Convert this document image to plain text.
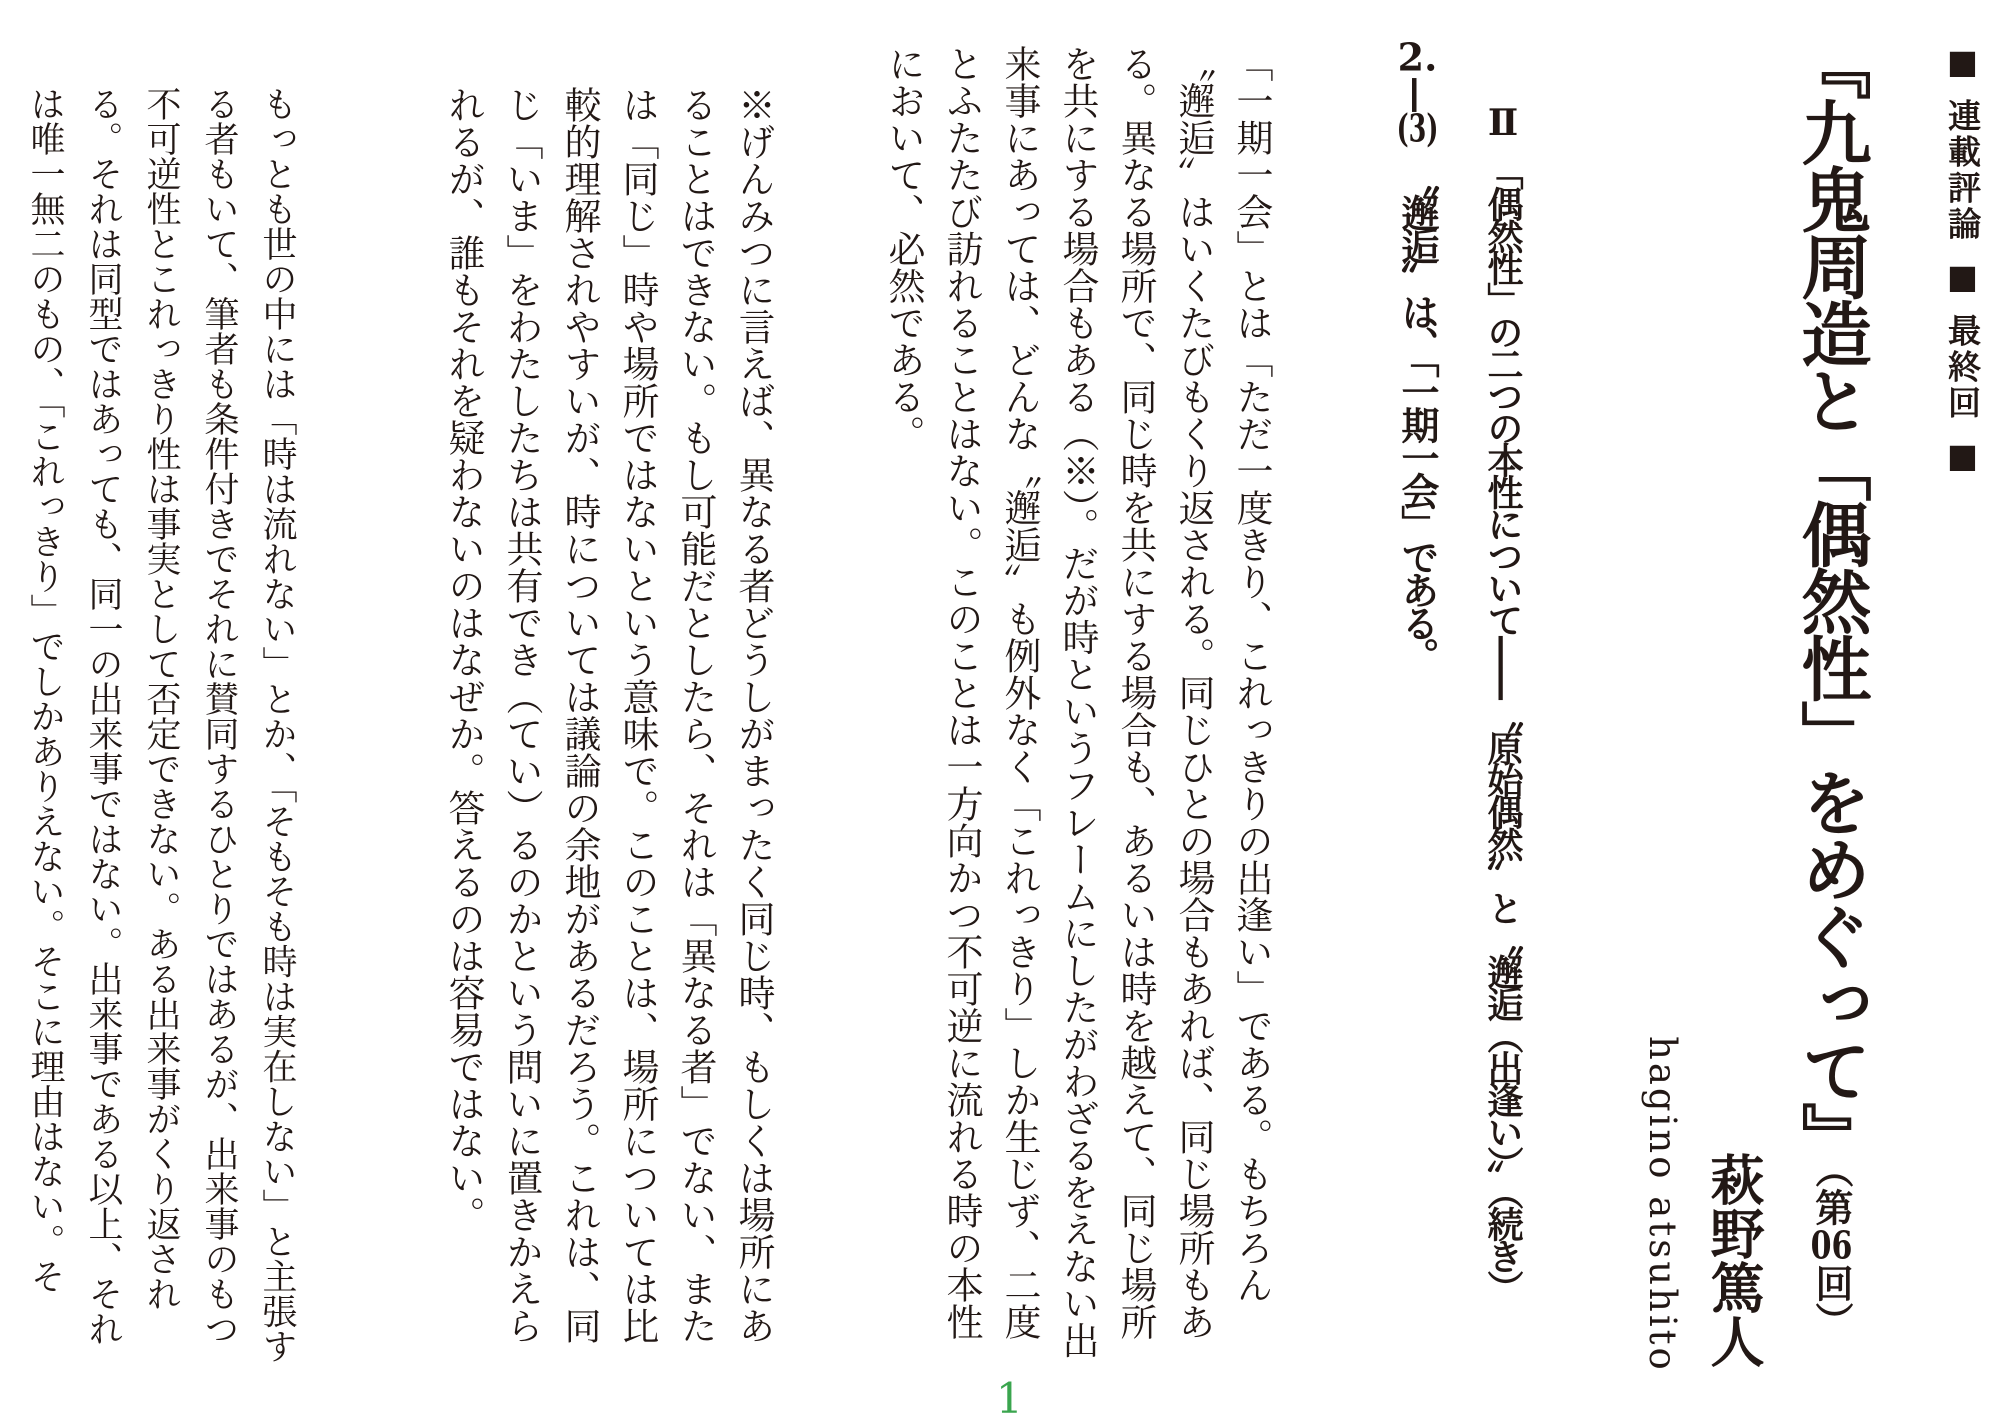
■ 連載評論 ■ 最終回 ■
『九鬼周造と「偶然性」をめぐって』（第06回）
萩野篤人
hagino atsuhito
Ⅱ　「偶然性」の二つの本性について——〝原始偶然〟と〝邂逅（出逢い）〟（続き）
2.—(3)　〝邂逅〟は、「一期一会」である。
「一期一会」とは「ただ一度きり、これっきりの出逢い」である。もちろん〝邂逅〟はいくたびもくり返される。同じひとの場合もあれば、同じ場所もある。異なる場所で、同じ時を共にする場合も、あるいは時を越えて、同じ場所を共にする場合もある（※）。だが時というフレームにしたがわざるをえない出来事にあっては、どんな〝邂逅〟も例外なく「これっきり」しか生じず、二度とふたたび訪れることはない。このことは一方向かつ不可逆に流れる時の本性において、必然である。
※げんみつに言えば、異なる者どうしがまったく同じ時、もしくは場所にあることはできない。もし可能だとしたら、それは「異なる者」でない、または「同じ」時や場所ではないという意味で。このことは、場所については比較的理解されやすいが、時については議論の余地があるだろう。これは、同じ「いま」をわたしたちは共有でき（てい）るのかという問いに置きかえられるが、誰もそれを疑わないのはなぜか。答えるのは容易ではない。
もっとも世の中には「時は流れない」とか、「そもそも時は実在しない」と主張する者もいて、筆者も条件付きでそれに賛同するひとりではあるが、出来事のもつ不可逆性とこれっきり性は事実として否定できない。ある出来事がくり返される。それは同型ではあっても、同一の出来事ではない。出来事である以上、それは唯一無二のもの、「これっきり」でしかありえない。そこに理由はない。そ
1
